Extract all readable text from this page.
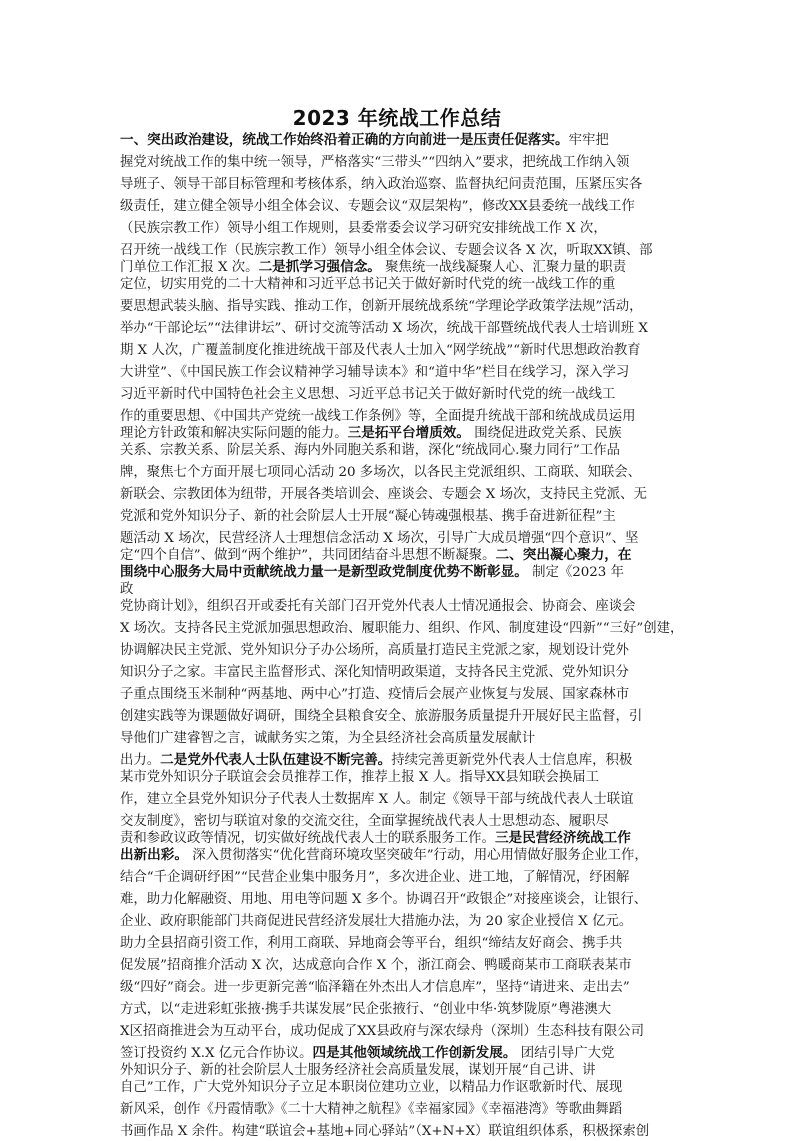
2023 年统战工作总结
一、突出政治建设，统战工作始终沿着正确的方向前进一是压责任促落实。牢牢把
握党对统战工作的集中统一领导，严格落实“三带头”“四纳入”要求，把统战工作纳入领
导班子、领导干部目标管理和考核体系，纳入政治巡察、监督执纪问责范围，压紧压实各
级责任，建立健全领导小组全体会议、专题会议“双层架构”，修改XX县委统一战线工作
（民族宗教工作）领导小组工作规则，县委常委会议学习研究安排统战工作 X 次，
召开统一战线工作（民族宗教工作）领导小组全体会议、专题会议各 X 次，听取XX镇、部
门单位工作汇报 X 次。二是抓学习强信念。 聚焦统一战线凝聚人心、汇聚力量的职责
定位，切实用党的二十大精神和习近平总书记关于做好新时代党的统一战线工作的重
要思想武装头脑、指导实践、推动工作，创新开展统战系统“学理论学政策学法规”活动，
举办“干部论坛”“法律讲坛”、研讨交流等活动 X 场次，统战干部暨统战代表人士培训班 X
期 X 人次，广覆盖制度化推进统战干部及代表人士加入“网学统战”“新时代思想政治教育
大讲堂”、《中国民族工作会议精神学习辅导读本》和“道中华”栏目在线学习，深入学习
习近平新时代中国特色社会主义思想、习近平总书记关于做好新时代党的统一战线工
作的重要思想、《中国共产党统一战线工作条例》等，全面提升统战干部和统战成员运用
理论方针政策和解决实际问题的能力。三是拓平台增质效。 围绕促进政党关系、民族
关系、宗教关系、阶层关系、海内外同胞关系和谐，深化“统战同心.聚力同行”工作品
牌，聚焦七个方面开展七项同心活动 20 多场次，以各民主党派组织、工商联、知联会、
新联会、宗教团体为纽带，开展各类培训会、座谈会、专题会 X 场次，支持民主党派、无
党派和党外知识分子、新的社会阶层人士开展“凝心铸魂强根基、携手奋进新征程”主
题活动 X 场次，民营经济人士理想信念活动 X 场次，引导广大成员增强“四个意识”、坚
定“四个自信”、做到“两个维护”，共同团结奋斗思想不断凝聚。二、突出凝心聚力，在
围绕中心服务大局中贡献统战力量一是新型政党制度优势不断彰显。 制定《2023 年
政
党协商计划》，组织召开或委托有关部门召开党外代表人士情况通报会、协商会、座谈会
X 场次。支持各民主党派加强思想政治、履职能力、组织、作风、制度建设“四新”“三好”创建，
协调解决民主党派、党外知识分子办公场所，高质量打造民主党派之家，规划设计党外
知识分子之家。丰富民主监督形式、深化知情明政渠道，支持各民主党派、党外知识分
子重点围绕玉米制种“两基地、两中心”打造、疫情后会展产业恢复与发展、国家森林市
创建实践等为课题做好调研，围绕全县粮食安全、旅游服务质量提升开展好民主监督，引
导他们广建睿智之言，诚献务实之策，为全县经济社会高质量发展献计
出力。二是党外代表人士队伍建设不断完善。持续完善更新党外代表人士信息库，积极
某市党外知识分子联谊会会员推荐工作，推荐上报 X 人。指导XX县知联会换届工
作，建立全县党外知识分子代表人士数据库 X 人。制定《领导干部与统战代表人士联谊
交友制度》，密切与联谊对象的交流交往，全面掌握统战代表人士思想动态、履职尽
责和参政议政等情况，切实做好统战代表人士的联系服务工作。三是民营经济统战工作
出新出彩。 深入贯彻落实“优化营商环境攻坚突破年”行动，用心用情做好服务企业工作，
结合“千企调研纾困”“民营企业集中服务月”，多次进企业、进工地，了解情况，纾困解
难，助力化解融资、用地、用电等问题 X 多个。协调召开“政银企”对接座谈会，让银行、
企业、政府职能部门共商促进民营经济发展壮大措施办法，为 20 家企业授信 X 亿元。
助力全县招商引资工作，利用工商联、异地商会等平台，组织“缔结友好商会、携手共
促发展”招商推介活动 X 次，达成意向合作 X 个，浙江商会、鸭暖商某市工商联表某市
级“四好”商会。进一步更新完善“临泽籍在外杰出人才信息库”，坚持“请进来、走出去”
方式，以“走进彩虹张掖·携手共谋发展”民企张掖行、“创业中华·筑梦陇原”粤港澳大
X区招商推进会为互动平台，成功促成了XX县政府与深农绿舟（深圳）生态科技有限公司
签订投资约 X.X 亿元合作协议。四是其他领域统战工作创新发展。 团结引导广大党
外知识分子、新的社会阶层人士服务经济社会高质量发展，谋划开展“自己讲、讲
自己”工作，广大党外知识分子立足本职岗位建功立业，以精品力作讴歌新时代、展现
新风采，创作《丹霞情歌》《二十大精神之航程》《幸福家园》《幸福港湾》等歌曲舞蹈
书画作品 X 余件。构建“联谊会+基地+同心驿站”（X+N+X）联谊组织体系，积极探索创
